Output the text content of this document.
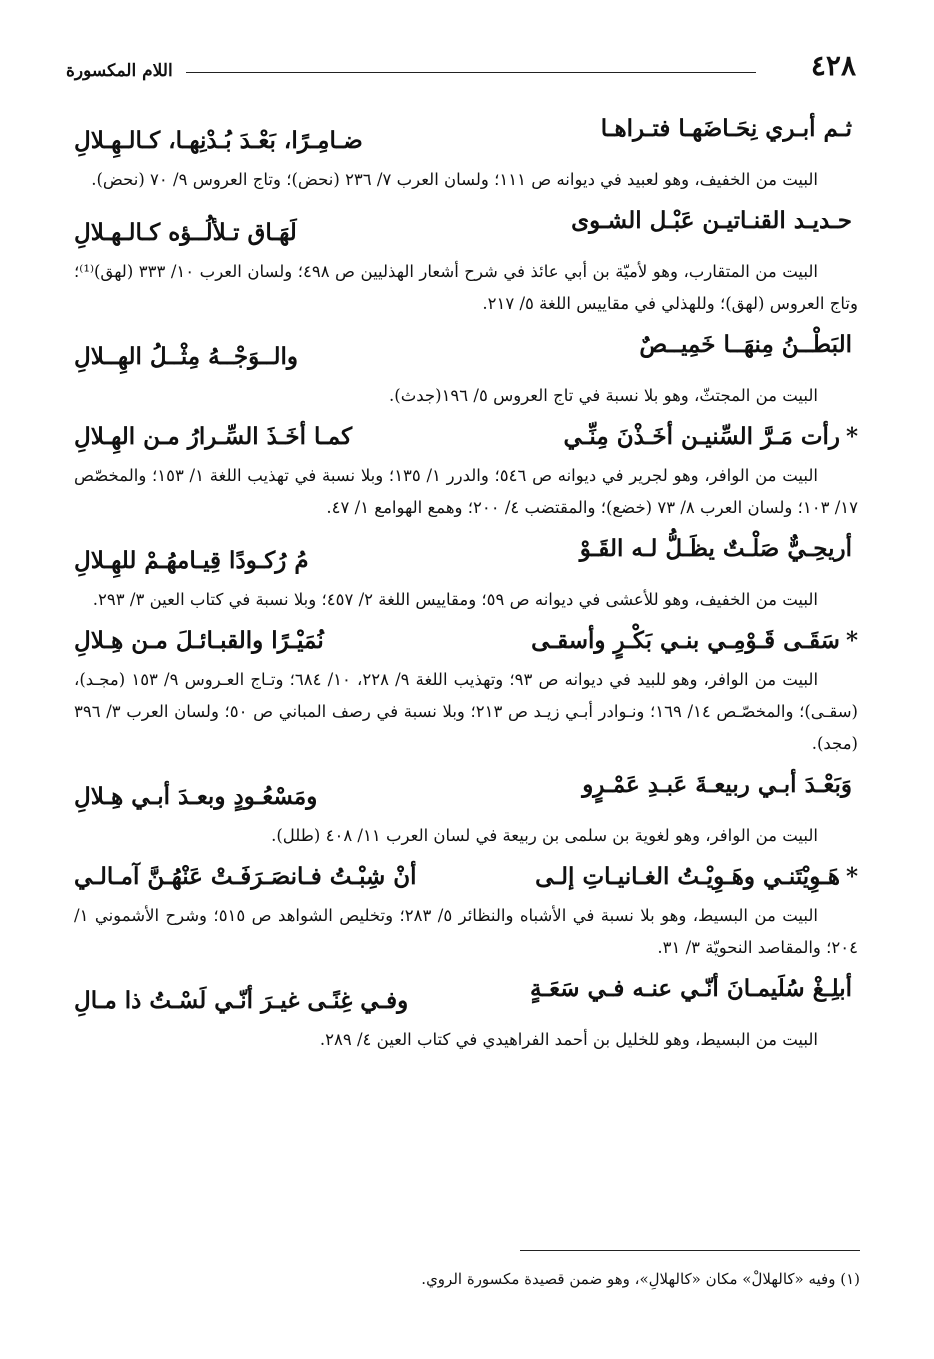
٤٢٨
اللام المكسورة
ثـم أبـري نِحَـاضَهـا فتـراهـا
ضـامِـرًا، بَعْـدَ بُـدْنِهـا، كـالـهِـلالِ

البيت من الخفيف، وهو لعبيد في ديوانه ص ١١١؛ ولسان العرب ٧/ ٢٣٦ (نحض)؛ وتاج العروس ٩/ ٧٠ (نحض).

حـديـد القنـاتيـن عَبْـل الشـوى
لَهَـاق تـلألُــؤه كـالـهـلالِ

البيت من المتقارب، وهو لأميّة بن أبي عائذ في شرح أشعار الهذليين ص ٤٩٨؛ ولسان العرب ١٠/ ٣٣٣ (لهق)⁽¹⁾؛ وتاج العروس (لهق)؛ وللهذلي في مقاييس اللغة ٥/ ٢١٧.

البَطْــنُ مِنهَــا خَمِيــصٌ
والــوَجْــهُ مِثْــلُ الهِــلالِ

البيت من المجتثّ، وهو بلا نسبة في تاج العروس ٥/ ١٩٦(جدث).

*
رأت مَـرَّ السِّنيـن أخَـذْنَ مِنِّـي
كمـا أخَـذَ السِّـرارُ مـن الهِـلالِ

البيت من الوافر، وهو لجرير في ديوانه ص ٥٤٦؛ والدرر ١/ ١٣٥؛ وبلا نسبة في تهذيب اللغة ١/ ١٥٣؛ والمخصّص ١٧/ ١٠٣؛ ولسان العرب ٨/ ٧٣ (خضع)؛ والمقتضب ٤/ ٢٠٠؛ وهمع الهوامع ١/ ٤٧.

أريحِـيٌّ صَلْـتٌ يظَـلُّ لـه القَـوْ
مُ رُكـودًا قِيـامهُـمْ للهِـلالِ

البيت من الخفيف، وهو للأعشى في ديوانه ص ٥٩؛ ومقاييس اللغة ٢/ ٤٥٧؛ وبلا نسبة في كتاب العين ٣/ ٢٩٣.

*
سَقَـى قَـوْمِـي بنـي بَكْـرٍ وأسقـى
نُمَيْـرًا والقبـائـلَ مـن هِـلالِ

البيت من الوافر، وهو للبيد في ديوانه ص ٩٣؛ وتهذيب اللغة ٩/ ٢٢٨، ١٠/ ٦٨٤؛ وتـاج العـروس ٩/ ١٥٣ (مجـد)، (سقـى)؛ والمخصّـص ١٤/ ١٦٩؛ ونـوادر أبـي زيـد ص ٢١٣؛ وبلا نسبة في رصف المباني ص ٥٠؛ ولسان العرب ٣/ ٣٩٦ (مجد).

وَبَعْـدَ أبـي ربيعـةَ عَبـدِ عَمْـرٍو
ومَسْعُـودٍ وبعـدَ أبـي هِـلالِ

البيت من الوافر، وهو لغوية بن سلمى بن ربيعة في لسان العرب ١١/ ٤٠٨ (طلل).

*
هَـوِيْتَنـي وهَـوِيْـتُ الغـانيـاتِ إلـى
أنْ شِبْـتُ فـانصَـرَفَـتْ عَنْهُـنَّ آمـالـي

البيت من البسيط، وهو بلا نسبة في الأشباه والنظائر ٥/ ٢٨٣؛ وتخليص الشواهد ص ٥١٥؛ وشرح الأشموني ١/ ٢٠٤؛ والمقاصد النحويّة ٣/ ٣١.

أبلِـغْ سُلَيمـانَ أنّـي عنـه فـي سَعَـةٍ
وفـي غِنًـى غيـرَ أنّـي لَسْـتُ ذا مـالِ

البيت من البسيط، وهو للخليل بن أحمد الفراهيدي في كتاب العين ٤/ ٢٨٩.

(١) وفيه «كالهلالْ» مكان «كالهلالِ»، وهو ضمن قصيدة مكسورة الروي.
